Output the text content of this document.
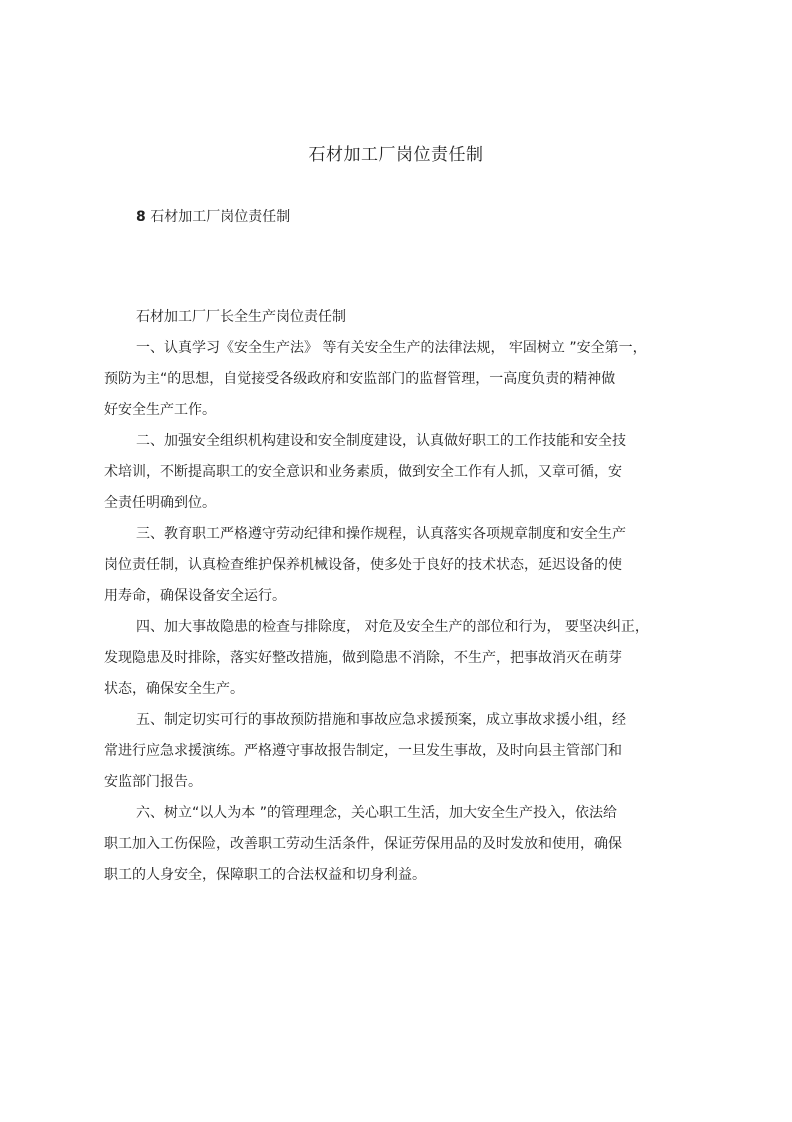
石材加工厂岗位责任制
8 石材加工厂岗位责任制
石材加工厂厂长全生产岗位责任制
一、认真学习《安全生产法》 等有关安全生产的法律法规， 牢固树立 ”安全第一，
预防为主“的思想，自觉接受各级政府和安监部门的监督管理，一高度负责的精神做
好安全生产工作。
二、加强安全组织机构建设和安全制度建设，认真做好职工的工作技能和安全技
术培训，不断提高职工的安全意识和业务素质，做到安全工作有人抓，又章可循，安
全责任明确到位。
三、教育职工严格遵守劳动纪律和操作规程，认真落实各项规章制度和安全生产
岗位责任制，认真检查维护保养机械设备，使多处于良好的技术状态，延迟设备的使
用寿命，确保设备安全运行。
四、加大事故隐患的检查与排除度， 对危及安全生产的部位和行为， 要坚决纠正，
发现隐患及时排除，落实好整改措施，做到隐患不消除，不生产，把事故消灭在萌芽
状态，确保安全生产。
五、制定切实可行的事故预防措施和事故应急求援预案，成立事故求援小组，经
常进行应急求援演练。严格遵守事故报告制定，一旦发生事故，及时向县主管部门和
安监部门报告。
六、树立“以人为本 ”的管理理念，关心职工生活，加大安全生产投入，依法给
职工加入工伤保险，改善职工劳动生活条件，保证劳保用品的及时发放和使用，确保
职工的人身安全，保障职工的合法权益和切身利益。
